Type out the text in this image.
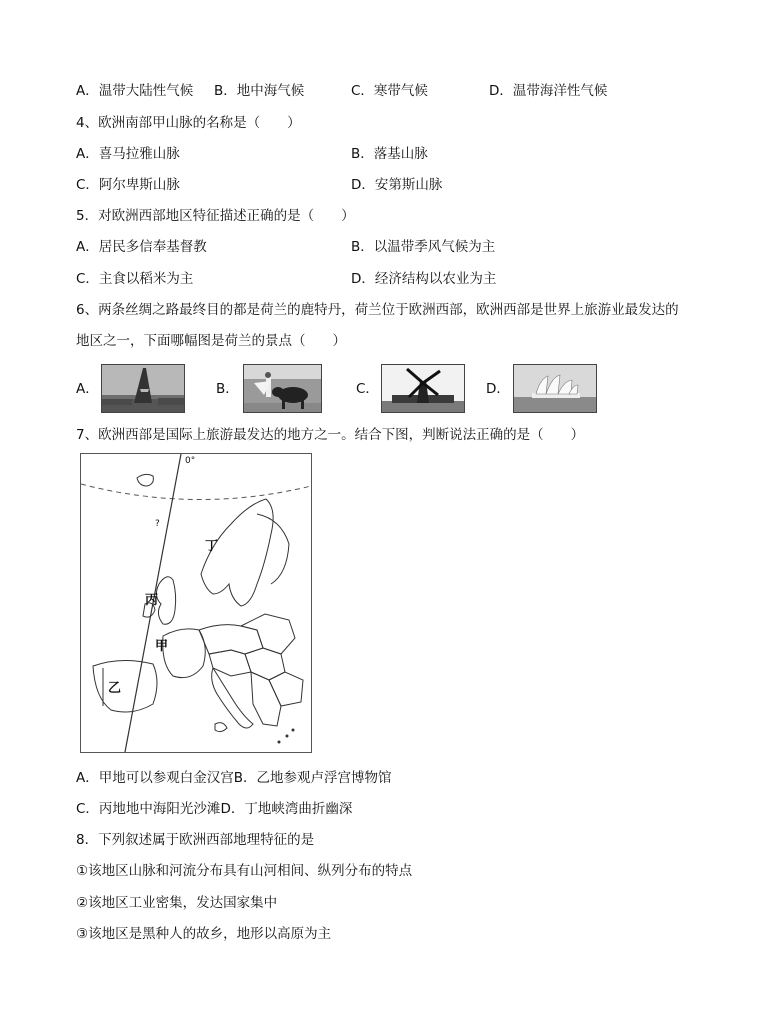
A．温带大陆性气候 B．地中海气候	C．寒带气候	D．温带海洋性气候
4、欧洲南部甲山脉的名称是（　　）
A．喜马拉雅山脉	B．落基山脉
C．阿尔卑斯山脉	D．安第斯山脉
5．对欧洲西部地区特征描述正确的是（　　）
A．居民多信奉基督教	B．以温带季风气候为主
C．主食以稻米为主	D．经济结构以农业为主
6、两条丝绸之路最终目的都是荷兰的鹿特丹，荷兰位于欧洲西部，欧洲西部是世界上旅游业最发达的
地区之一，下面哪幅图是荷兰的景点（　　）
A．	B．	C．	D．
7、欧洲西部是国际上旅游最发达的地方之一。结合下图，判断说法正确的是（　　）
0°
丁
丙
甲
乙
?
A．甲地可以参观白金汉宫B．乙地参观卢浮宫博物馆
C．丙地地中海阳光沙滩D．丁地峡湾曲折幽深
8．下列叙述属于欧洲西部地理特征的是
①该地区山脉和河流分布具有山河相间、纵列分布的特点
②该地区工业密集，发达国家集中
③该地区是黑种人的故乡，地形以高原为主
